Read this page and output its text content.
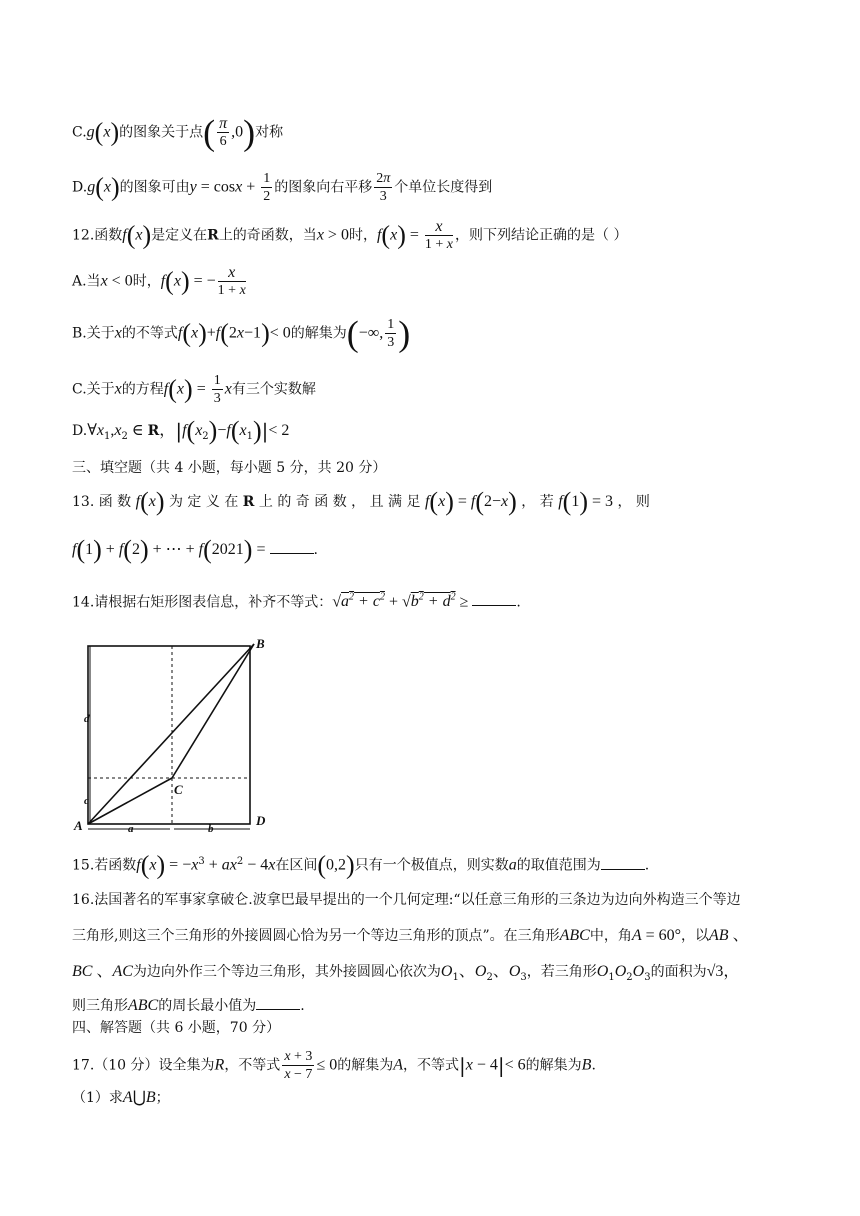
C.g(x)的图象关于点( $\frac{\pi}{6} ,0$)对称
D.g(x)的图象可由$y = \cos x + \frac{1}{2}$ 的图象向右平移 $\frac{2\pi}{3}$ 个单位长度得到
12.函数f(x)是定义在R上的奇函数，当x > 0时，$f(x) = \frac{x}{1 + x}$ ，则下列结论正确的是（ ）
A.当x < 0时，f(x) = − $\frac{x}{1 + x}$
B.关于x的不等式f(x)+f(2x−1)< 0的解集为(−∞, $\frac{1}{3}$ )
C.关于x的方程$f(x) = \frac{1}{3}$ x有三个实数解
$D.\forall x_1,x_2$ ∈ R，$|f(x_2)-f(x_1)|< 2$
三、填空题（共 4 小题，每小题 5 分，共 20 分）
13. 函 数 f(x) 为 定 义 在 R 上 的 奇 函 数 ， 且 满 足 f(x) = f(2−x) ， 若 f(1) = 3 ， 则
f(1) + f(2) + ⋯ + f(2021) =	.
14.请根据右矩形图表信息，补齐不等式：$√a^2 + c^2 + √b^2 + d^2$ ≥	.
B
C
A	D
d
c
a	b
15.若函数$f(x) = -x^3 + ax^2 - 4x$在区间(0,2)只有一个极值点，则实数a的取值范围为	.
16.法国著名的军事家拿破仑.波拿巴最早提出的一个几何定理:“以任意三角形的三条边为边向外构造三个等边
三角形,则这三个三角形的外接圆圆心恰为另一个等边三角形的顶点”。在三角形ABC中，角A = 60°，以AB 、
BC 、AC为边向外作三个等边三角形，其外接圆圆心依次为$O_1$、$O_2$、$O_3$，若三角形$O_1O_2O_3$的面积为√3，
则三角形ABC的周长最小值为	.
四、解答题（共 6 小题，70 分）
17.（10 分）设全集为R，不等式 $\frac{x + 3}{x - 7} \le 0$的解集为A，不等式|x − 4|< 6的解集为B.
（1）求A⋃B；
